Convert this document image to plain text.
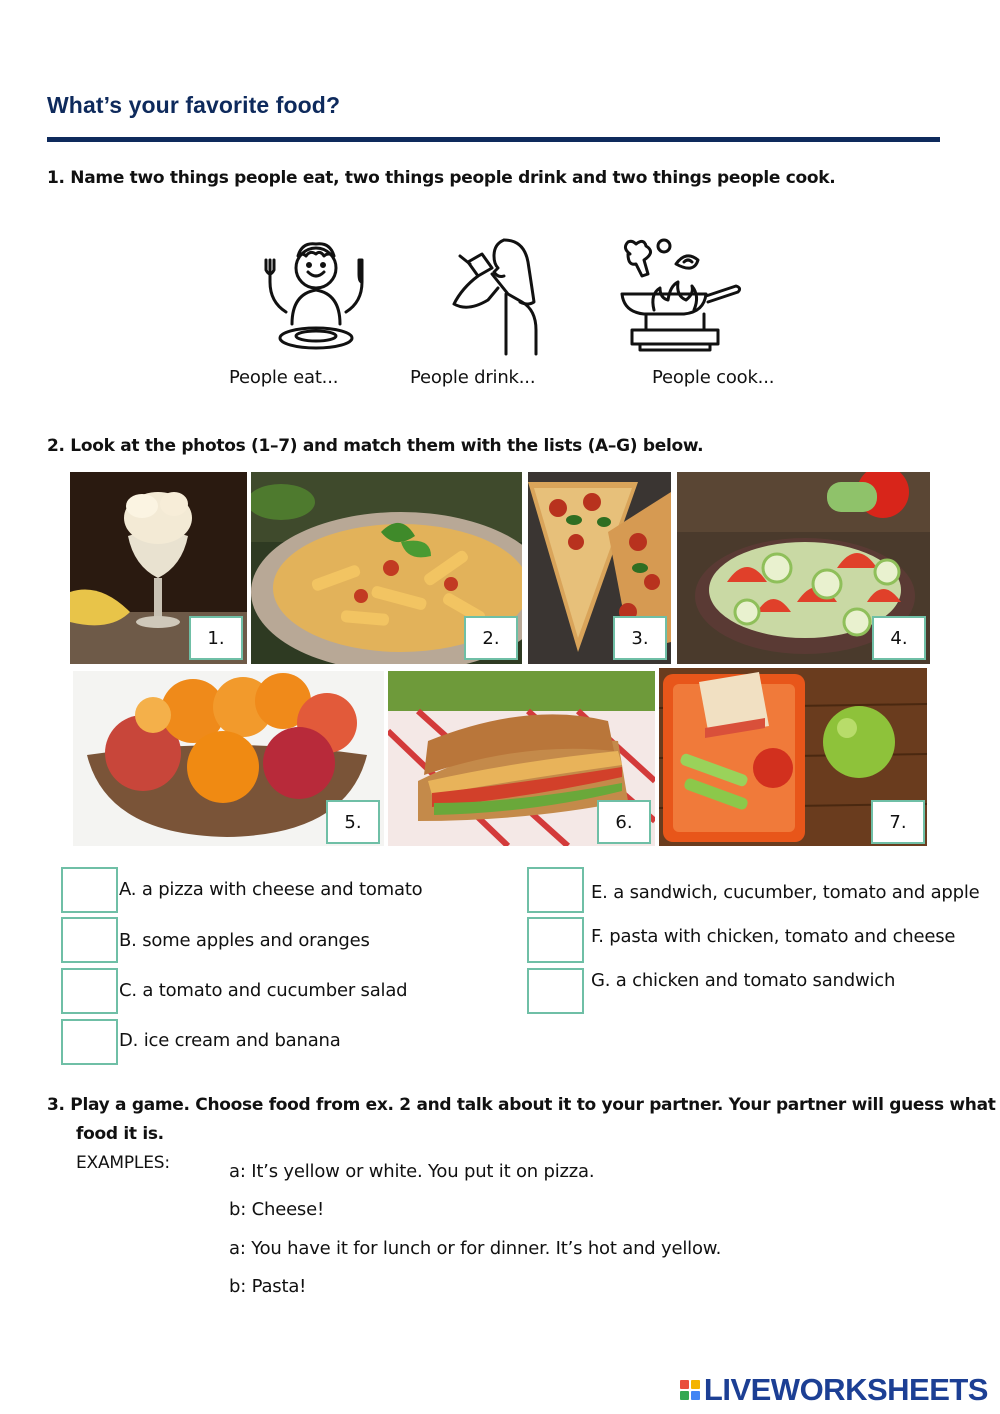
What’s your favorite food?
1. Name two things people eat, two things people drink and two things people cook.
People eat...	People drink...	People cook...
2. Look at the photos (1–7) and match them with the lists (A–G) below.
1.	2.	3.	4.
5.	6.	7.
A. a pizza with cheese and tomato
B. some apples and oranges
C. a tomato and cucumber salad
D. ice cream and banana
E. a sandwich, cucumber, tomato and apple
F. pasta with chicken, tomato and cheese
G. a chicken and tomato sandwich
3. Play a game. Choose food from ex. 2 and talk about it to your partner. Your partner will guess what
food it is.
EXAMPLES:	a: It’s yellow or white. You put it on pizza.
b: Cheese!
a: You have it for lunch or for dinner. It’s hot and yellow.
b: Pasta!
LIVEWORKSHEETS
